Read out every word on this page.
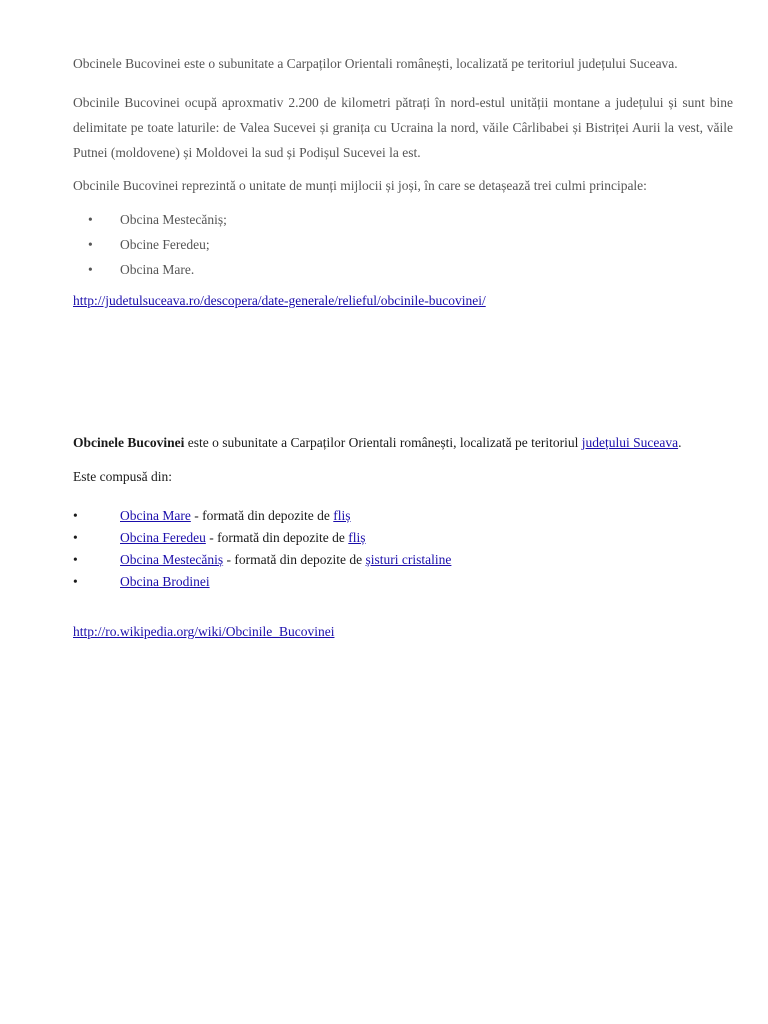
Obcinele Bucovinei este o subunitate a Carpaților Orientali românești, localizată pe teritoriul județului Suceava.

Obcinile Bucovinei ocupă aproxmativ 2.200 de kilometri pătrați în nord-estul unității montane a județului și sunt bine delimitate pe toate laturile: de Valea Sucevei și granița cu Ucraina la nord, văile Cârlibabei și Bistriței Aurii la vest, văile Putnei (moldovene) și Moldovei la sud și Podișul Sucevei la est.

Obcinile Bucovinei reprezintă o unitate de munți mijlocii și joși, în care se detașează trei culmi principale:

• Obcina Mestecăniș;
• Obcine Feredeu;
• Obcina Mare.
http://judetulsuceava.ro/descopera/date-generale/relieful/obcinile-bucovinei/

Obcinele Bucovinei este o subunitate a Carpaților Orientali românești, localizată pe teritoriul județului Suceava.

Este compusă din:

•	Obcina Mare - formată din depozite de fliș
•	Obcina Feredeu - formată din depozite de fliș
•	Obcina Mestecăniș - formată din depozite de șisturi cristaline
•	Obcina Brodinei
http://ro.wikipedia.org/wiki/Obcinile_Bucovinei
